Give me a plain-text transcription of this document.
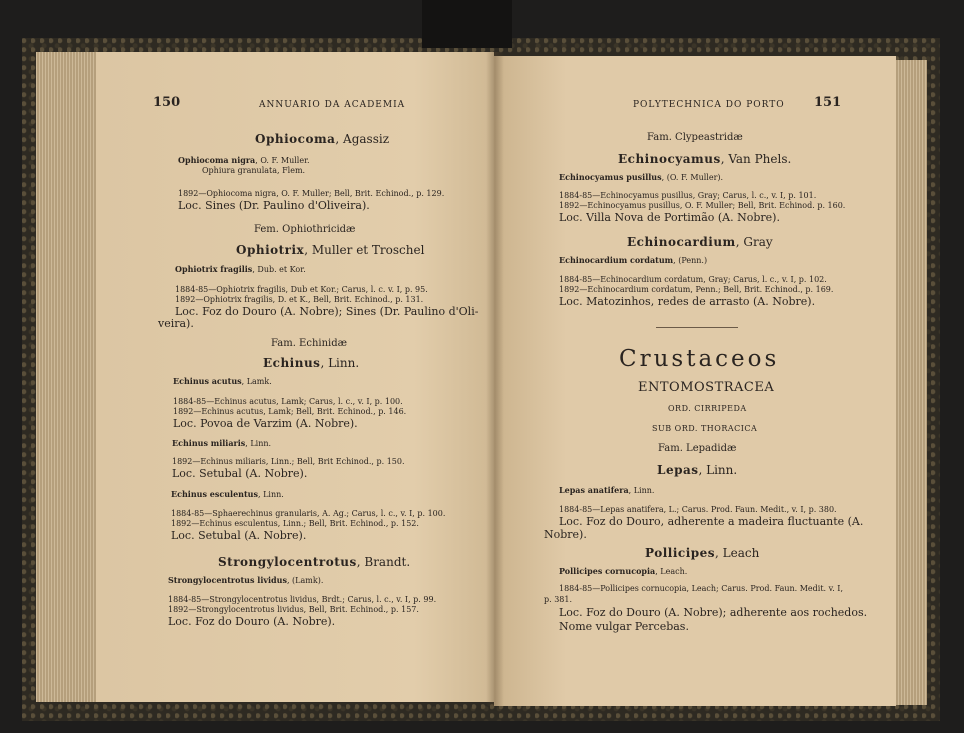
150	ANNUARIO DA ACADEMIA	POLYTECHNICA DO PORTO 151
Ophiocoma, Agassiz
Ophiocoma nigra, O. F. Muller.
Ophiura granulata, Flem.
1892—Ophiocoma nigra, O. F. Muller; Bell, Brit. Echinod., p. 129.
Loc. Sines (Dr. Paulino d'Oliveira).
Fem. Ophiothricidæ
Ophiotrix, Muller et Troschel
Ophiotrix fragilis, Dub. et Kor.
1884-85—Ophiotrix fragilis, Dub et Kor.; Carus, l. c. v. I, p. 95.
1892—Ophiotrix fragilis, D. et K., Bell, Brit. Echinod., p. 131.
Loc. Foz do Douro (A. Nobre); Sines (Dr. Paulino d'Oli-
veira).
Fam. Echinidæ
Echinus, Linn.
Echinus acutus, Lamk.
1884-85—Echinus acutus, Lamk; Carus, l. c., v. I, p. 100.
1892—Echinus acutus, Lamk; Bell, Brit. Echinod., p. 146.
Loc. Povoa de Varzim (A. Nobre).
Echinus miliaris, Linn.
1892—Echinus miliaris, Linn.; Bell, Brit Echinod., p. 150.
Loc. Setubal (A. Nobre).
Echinus esculentus, Linn.
1884-85—Sphaerechinus granularis, A. Ag.; Carus, l. c., v. I, p. 100.
1892—Echinus esculentus, Linn.; Bell, Brit. Echinod., p. 152.
Loc. Setubal (A. Nobre).
Strongylocentrotus, Brandt.
Strongylocentrotus lividus, (Lamk).
1884-85—Strongylocentrotus lividus, Brdt.; Carus, l. c., v. I, p. 99.
1892—Strongylocentrotus lividus, Bell, Brit. Echinod., p. 157.
Loc. Foz do Douro (A. Nobre).
Fam. Clypeastridæ
Echinocyamus, Van Phels.
Echinocyamus pusillus, (O. F. Muller).
1884-85—Echinocyamus pusillus, Gray; Carus, l. c., v. I, p. 101.
1892—Echinocyamus pusillus, O. F. Muller; Bell, Brit. Echinod. p. 160.
Loc. Villa Nova de Portimão (A. Nobre).
Echinocardium, Gray
Echinocardium cordatum, (Penn.)
1884-85—Echinocardium cordatum, Gray; Carus, l. c., v. I, p. 102.
1892—Echinocardium cordatum, Penn.; Bell, Brit. Echinod., p. 169.
Loc. Matozinhos, redes de arrasto (A. Nobre).
Crustaceos
ENTOMOSTRACEA
ORD. CIRRIPEDA
SUB ORD. THORACICA
Fam. Lepadidæ
Lepas, Linn.
Lepas anatifera, Linn.
1884-85—Lepas anatifera, L.; Carus. Prod. Faun. Medit., v. I, p. 380.
Loc. Foz do Douro, adherente a madeira fluctuante (A.
Nobre).
Pollicipes, Leach
Pollicipes cornucopia, Leach.
1884-85—Pollicipes cornucopia, Leach; Carus. Prod. Faun. Medit. v. I,
p. 381.
Loc. Foz do Douro (A. Nobre); adherente aos rochedos.
Nome vulgar Percebas.
